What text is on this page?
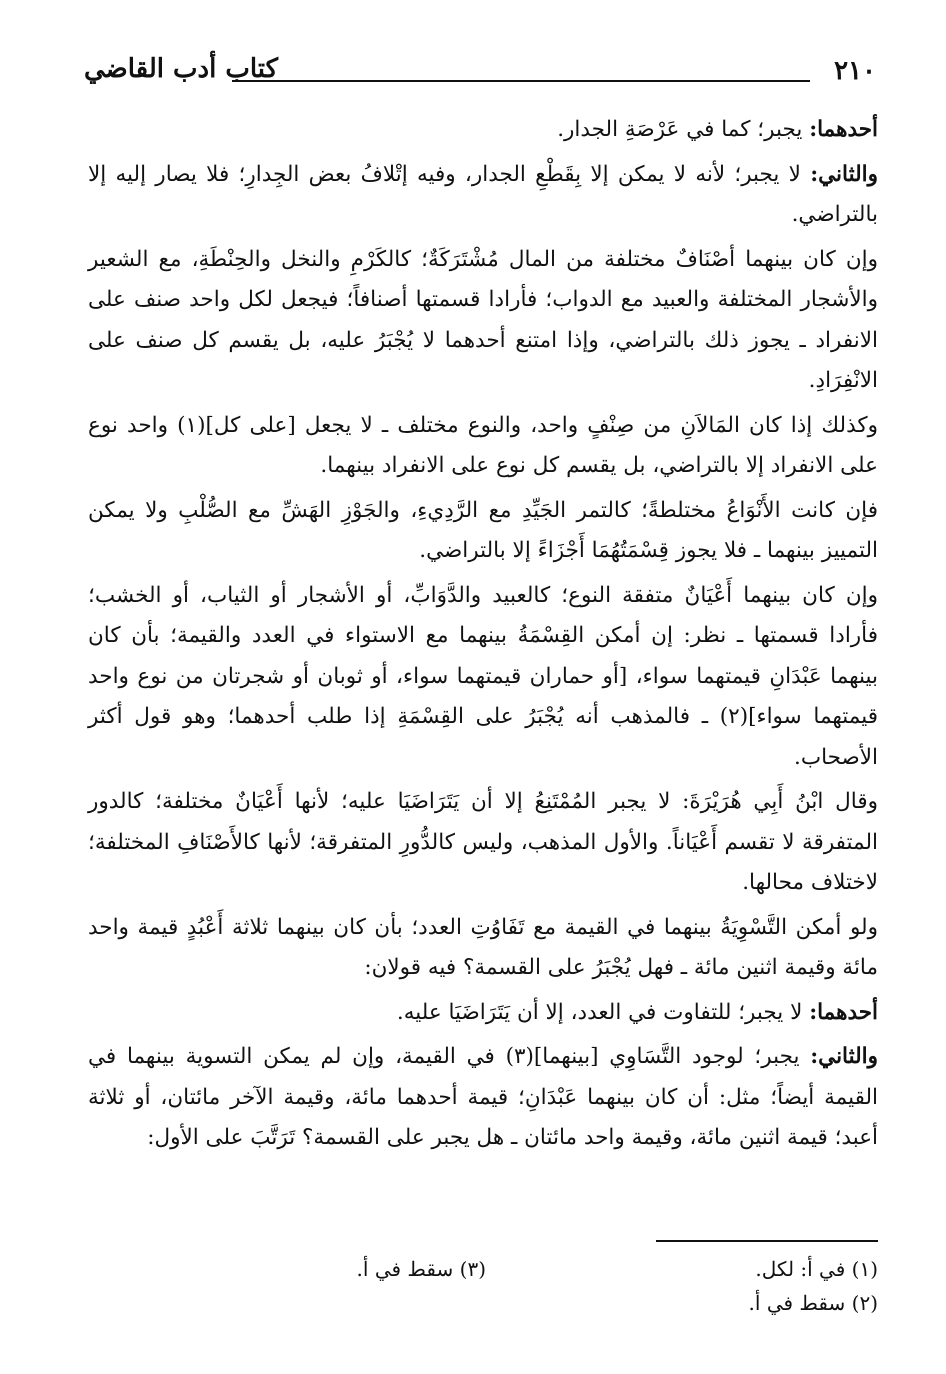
٢١٠
كتاب أدب القاضي

أحدهما: يجبر؛ كما في عَرْصَةِ الجدار.

والثاني: لا يجبر؛ لأنه لا يمكن إلا بِقَطْعِ الجدار، وفيه إتْلافُ بعض الجِدارِ؛ فلا يصار إليه إلا بالتراضي.

وإن كان بينهما أصْنَافٌ مختلفة من المال مُشْتَرَكَةٌ؛ كالكَرْمِ والنخل والحِنْطَةِ، مع الشعير والأشجار المختلفة والعبيد مع الدواب؛ فأرادا قسمتها أصنافاً؛ فيجعل لكل واحد صنف على الانفراد ـ يجوز ذلك بالتراضي، وإذا امتنع أحدهما لا يُجْبَرُ عليه، بل يقسم كل صنف على الانْفِرَادِ.

وكذلك إذا كان المَالاَنِ من صِنْفٍ واحد، والنوع مختلف ـ لا يجعل [على كل](١) واحد نوع على الانفراد إلا بالتراضي، بل يقسم كل نوع على الانفراد بينهما.

فإن كانت الأَنْوَاعُ مختلطةً؛ كالتمر الجَيِّدِ مع الرَّدِيءِ، والجَوْزِ الهَشِّ مع الصُّلْبِ ولا يمكن التمييز بينهما ـ فلا يجوز قِسْمَتُهُمَا أَجْزَاءً إلا بالتراضي.

وإن كان بينهما أَعْيَانٌ متفقة النوع؛ كالعبيد والدَّوَابِّ، أو الأشجار أو الثياب، أو الخشب؛ فأرادا قسمتها ـ نظر: إن أمكن القِسْمَةُ بينهما مع الاستواء في العدد والقيمة؛ بأن كان بينهما عَبْدَانِ قيمتهما سواء، [أو حماران قيمتهما سواء، أو ثوبان أو شجرتان من نوع واحد قيمتهما سواء](٢) ـ فالمذهب أنه يُجْبَرُ على القِسْمَةِ إذا طلب أحدهما؛ وهو قول أكثر الأصحاب.

وقال ابْنُ أَبِي هُرَيْرَةَ: لا يجبر المُمْتَنِعُ إلا أن يَتَرَاضَيَا عليه؛ لأنها أَعْيَانٌ مختلفة؛ كالدور المتفرقة لا تقسم أَعْيَاناً. والأول المذهب، وليس كالدُّورِ المتفرقة؛ لأنها كالأَصْنَافِ المختلفة؛ لاختلاف محالها.

ولو أمكن التَّسْوِيَةُ بينهما في القيمة مع تَفَاوُتِ العدد؛ بأن كان بينهما ثلاثة أَعْبُدٍ قيمة واحد مائة وقيمة اثنين مائة ـ فهل يُجْبَرُ على القسمة؟ فيه قولان:

أحدهما: لا يجبر؛ للتفاوت في العدد، إلا أن يَتَرَاضَيَا عليه.

والثاني: يجبر؛ لوجود التَّسَاوِي [بينهما](٣) في القيمة، وإن لم يمكن التسوية بينهما في القيمة أيضاً؛ مثل: أن كان بينهما عَبْدَانِ؛ قيمة أحدهما مائة، وقيمة الآخر مائتان، أو ثلاثة أعبد؛ قيمة اثنين مائة، وقيمة واحد مائتان ـ هل يجبر على القسمة؟ تَرَتَّبَ على الأول:

(١) في أ: لكل.
(٢) سقط في أ.
(٣) سقط في أ.
